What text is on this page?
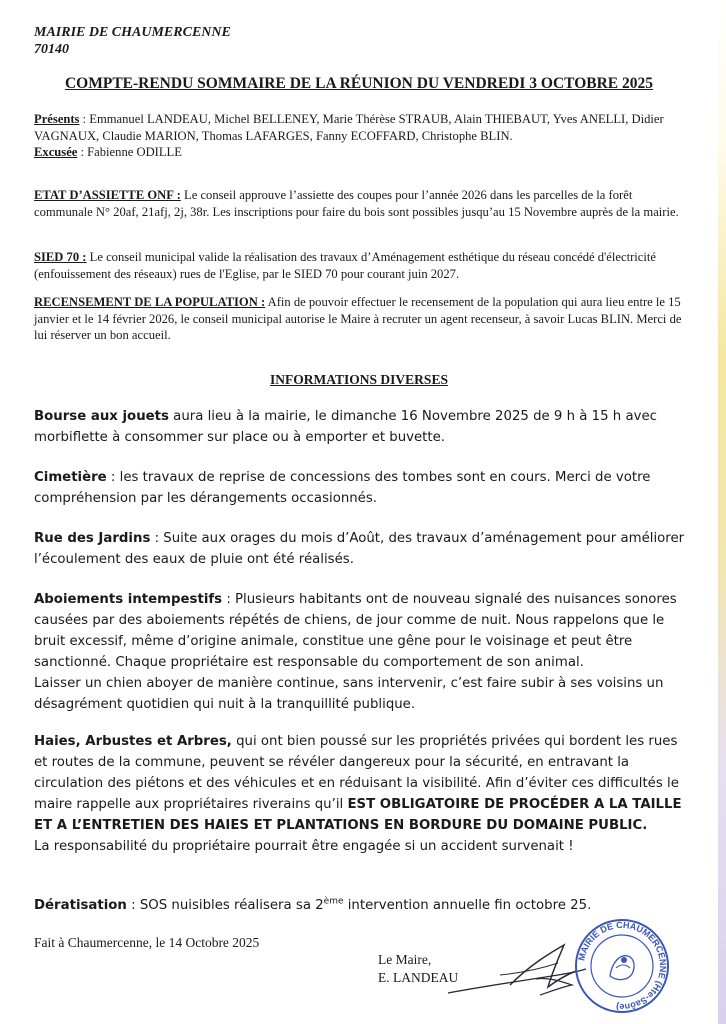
MAIRIE DE CHAUMERCENNE
70140
COMPTE-RENDU SOMMAIRE DE LA RÉUNION DU VENDREDI 3 OCTOBRE 2025
Présents : Emmanuel LANDEAU, Michel BELLENEY, Marie Thérèse STRAUB, Alain THIEBAUT, Yves ANELLI, Didier VAGNAUX, Claudie MARION, Thomas LAFARGES, Fanny ECOFFARD, Christophe BLIN.
Excusée : Fabienne ODILLE
ETAT D’ASSIETTE ONF : Le conseil approuve l’assiette des coupes pour l’année 2026 dans les parcelles de la forêt communale N° 20af, 21afj, 2j, 38r. Les inscriptions pour faire du bois sont possibles jusqu’au 15 Novembre auprès de la mairie.
SIED 70 : Le conseil municipal valide la réalisation des travaux d’Aménagement esthétique du réseau concédé d'électricité (enfouissement des réseaux) rues de l'Eglise, par le SIED 70 pour courant juin 2027.
RECENSEMENT DE LA POPULATION : Afin de pouvoir effectuer le recensement de la population qui aura lieu entre le 15 janvier et le 14 février 2026, le conseil municipal autorise le Maire à recruter un agent recenseur, à savoir Lucas BLIN. Merci de lui réserver un bon accueil.
INFORMATIONS DIVERSES
Bourse aux jouets aura lieu à la mairie, le dimanche 16 Novembre 2025 de 9 h à 15 h avec morbiflette à consommer sur place ou à emporter et buvette.
Cimetière : les travaux de reprise de concessions des tombes sont en cours. Merci de votre compréhension par les dérangements occasionnés.
Rue des Jardins : Suite aux orages du mois d’Août, des travaux d’aménagement pour améliorer l’écoulement des eaux de pluie ont été réalisés.
Aboiements intempestifs : Plusieurs habitants ont de nouveau signalé des nuisances sonores causées par des aboiements répétés de chiens, de jour comme de nuit. Nous rappelons que le bruit excessif, même d’origine animale, constitue une gêne pour le voisinage et peut être sanctionné. Chaque propriétaire est responsable du comportement de son animal.
Laisser un chien aboyer de manière continue, sans intervenir, c’est faire subir à ses voisins un désagrément quotidien qui nuit à la tranquillité publique.
Haies, Arbustes et Arbres, qui ont bien poussé sur les propriétés privées qui bordent les rues et routes de la commune, peuvent se révéler dangereux pour la sécurité, en entravant la circulation des piétons et des véhicules et en réduisant la visibilité. Afin d’éviter ces difficultés le maire rappelle aux propriétaires riverains qu’il EST OBLIGATOIRE DE PROCÉDER A LA TAILLE ET A L’ENTRETIEN DES HAIES ET PLANTATIONS EN BORDURE DU DOMAINE PUBLIC.
La responsabilité du propriétaire pourrait être engagée si un accident survenait !
Dératisation : SOS nuisibles réalisera sa 2ème intervention annuelle fin octobre 25.
Fait à Chaumercenne, le 14 Octobre 2025
Le Maire,
E. LANDEAU
MAIRIE DE CHAUMERCENNE (Hte-Saône)
